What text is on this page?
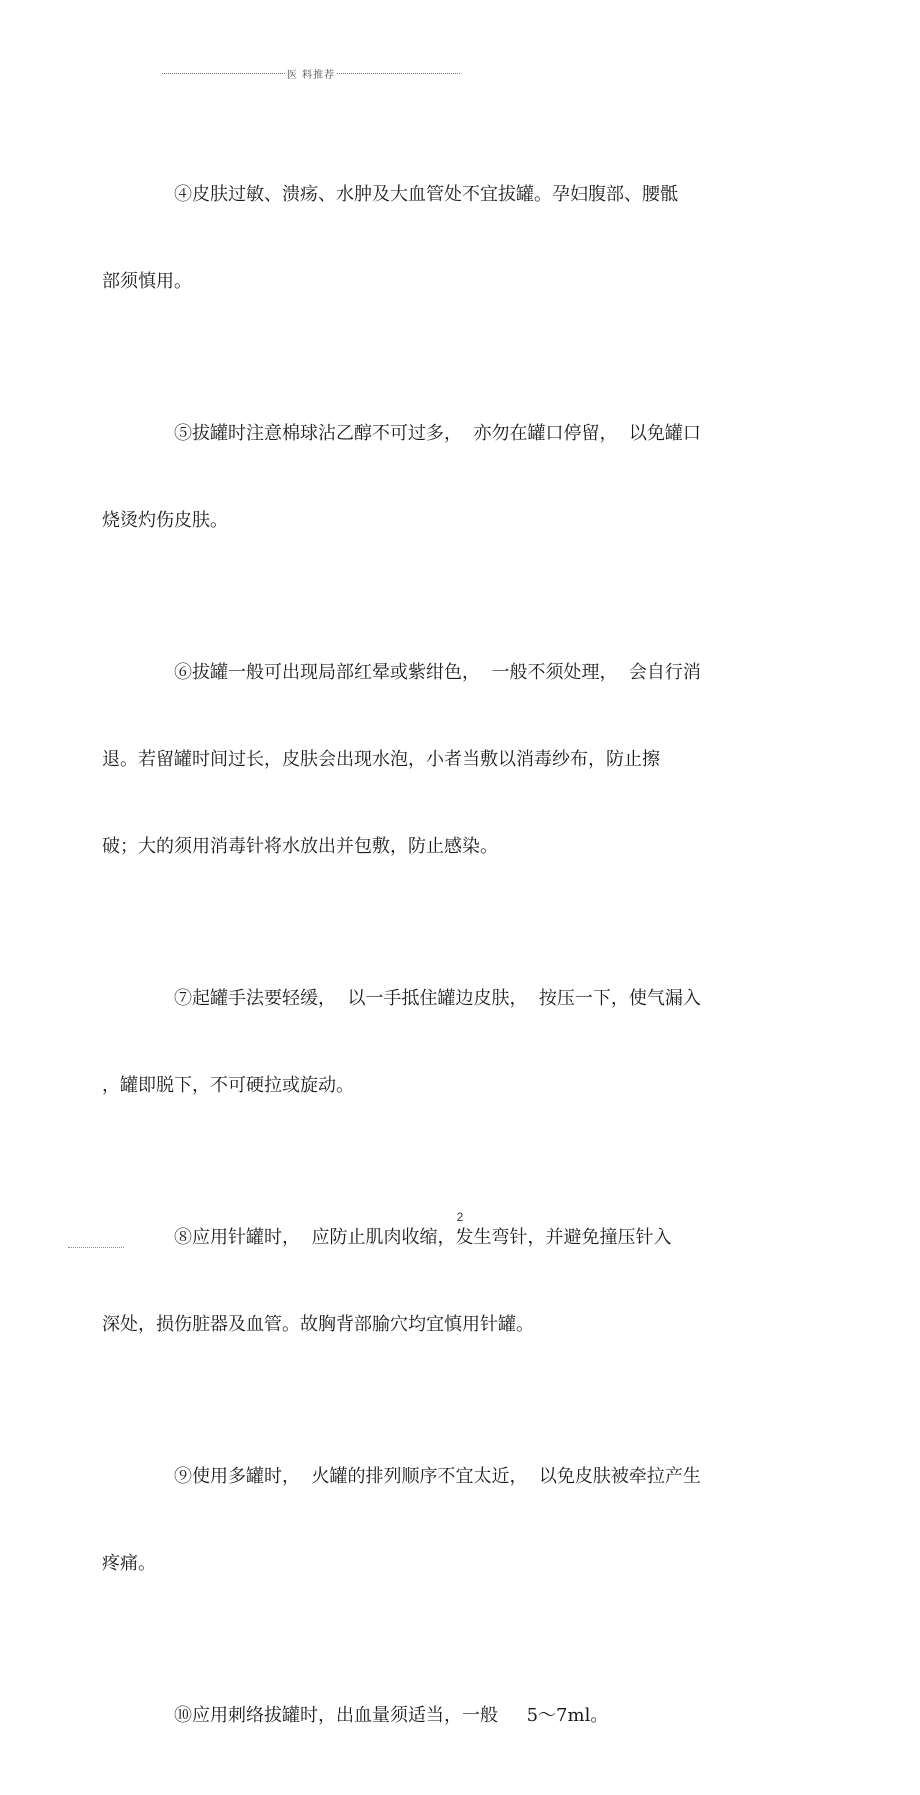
医 料推荐

④皮肤过敏、溃疡、水肿及大血管处不宜拔罐。孕妇腹部、腰骶

部须慎用。

⑤拔罐时注意棉球沾乙醇不可过多，  亦勿在罐口停留，  以免罐口

烧烫灼伤皮肤。

⑥拔罐一般可出现局部红晕或紫绀色，  一般不须处理，  会自行消

退。若留罐时间过长，皮肤会出现水泡，小者当敷以消毒纱布，防止擦

破；大的须用消毒针将水放出并包敷，防止感染。

⑦起罐手法要轻缓，  以一手抵住罐边皮肤，  按压一下，使气漏入

，罐即脱下，不可硬拉或旋动。

⑧应用针罐时，  应防止肌肉收缩，发生弯针，并避免撞压针入

深处，损伤脏器及血管。故胸背部腧穴均宜慎用针罐。

⑨使用多罐时，  火罐的排列顺序不宜太近，  以免皮肤被牵拉产生

疼痛。

⑩应用刺络拔罐时，出血量须适当，一般     5～7ml。

2
